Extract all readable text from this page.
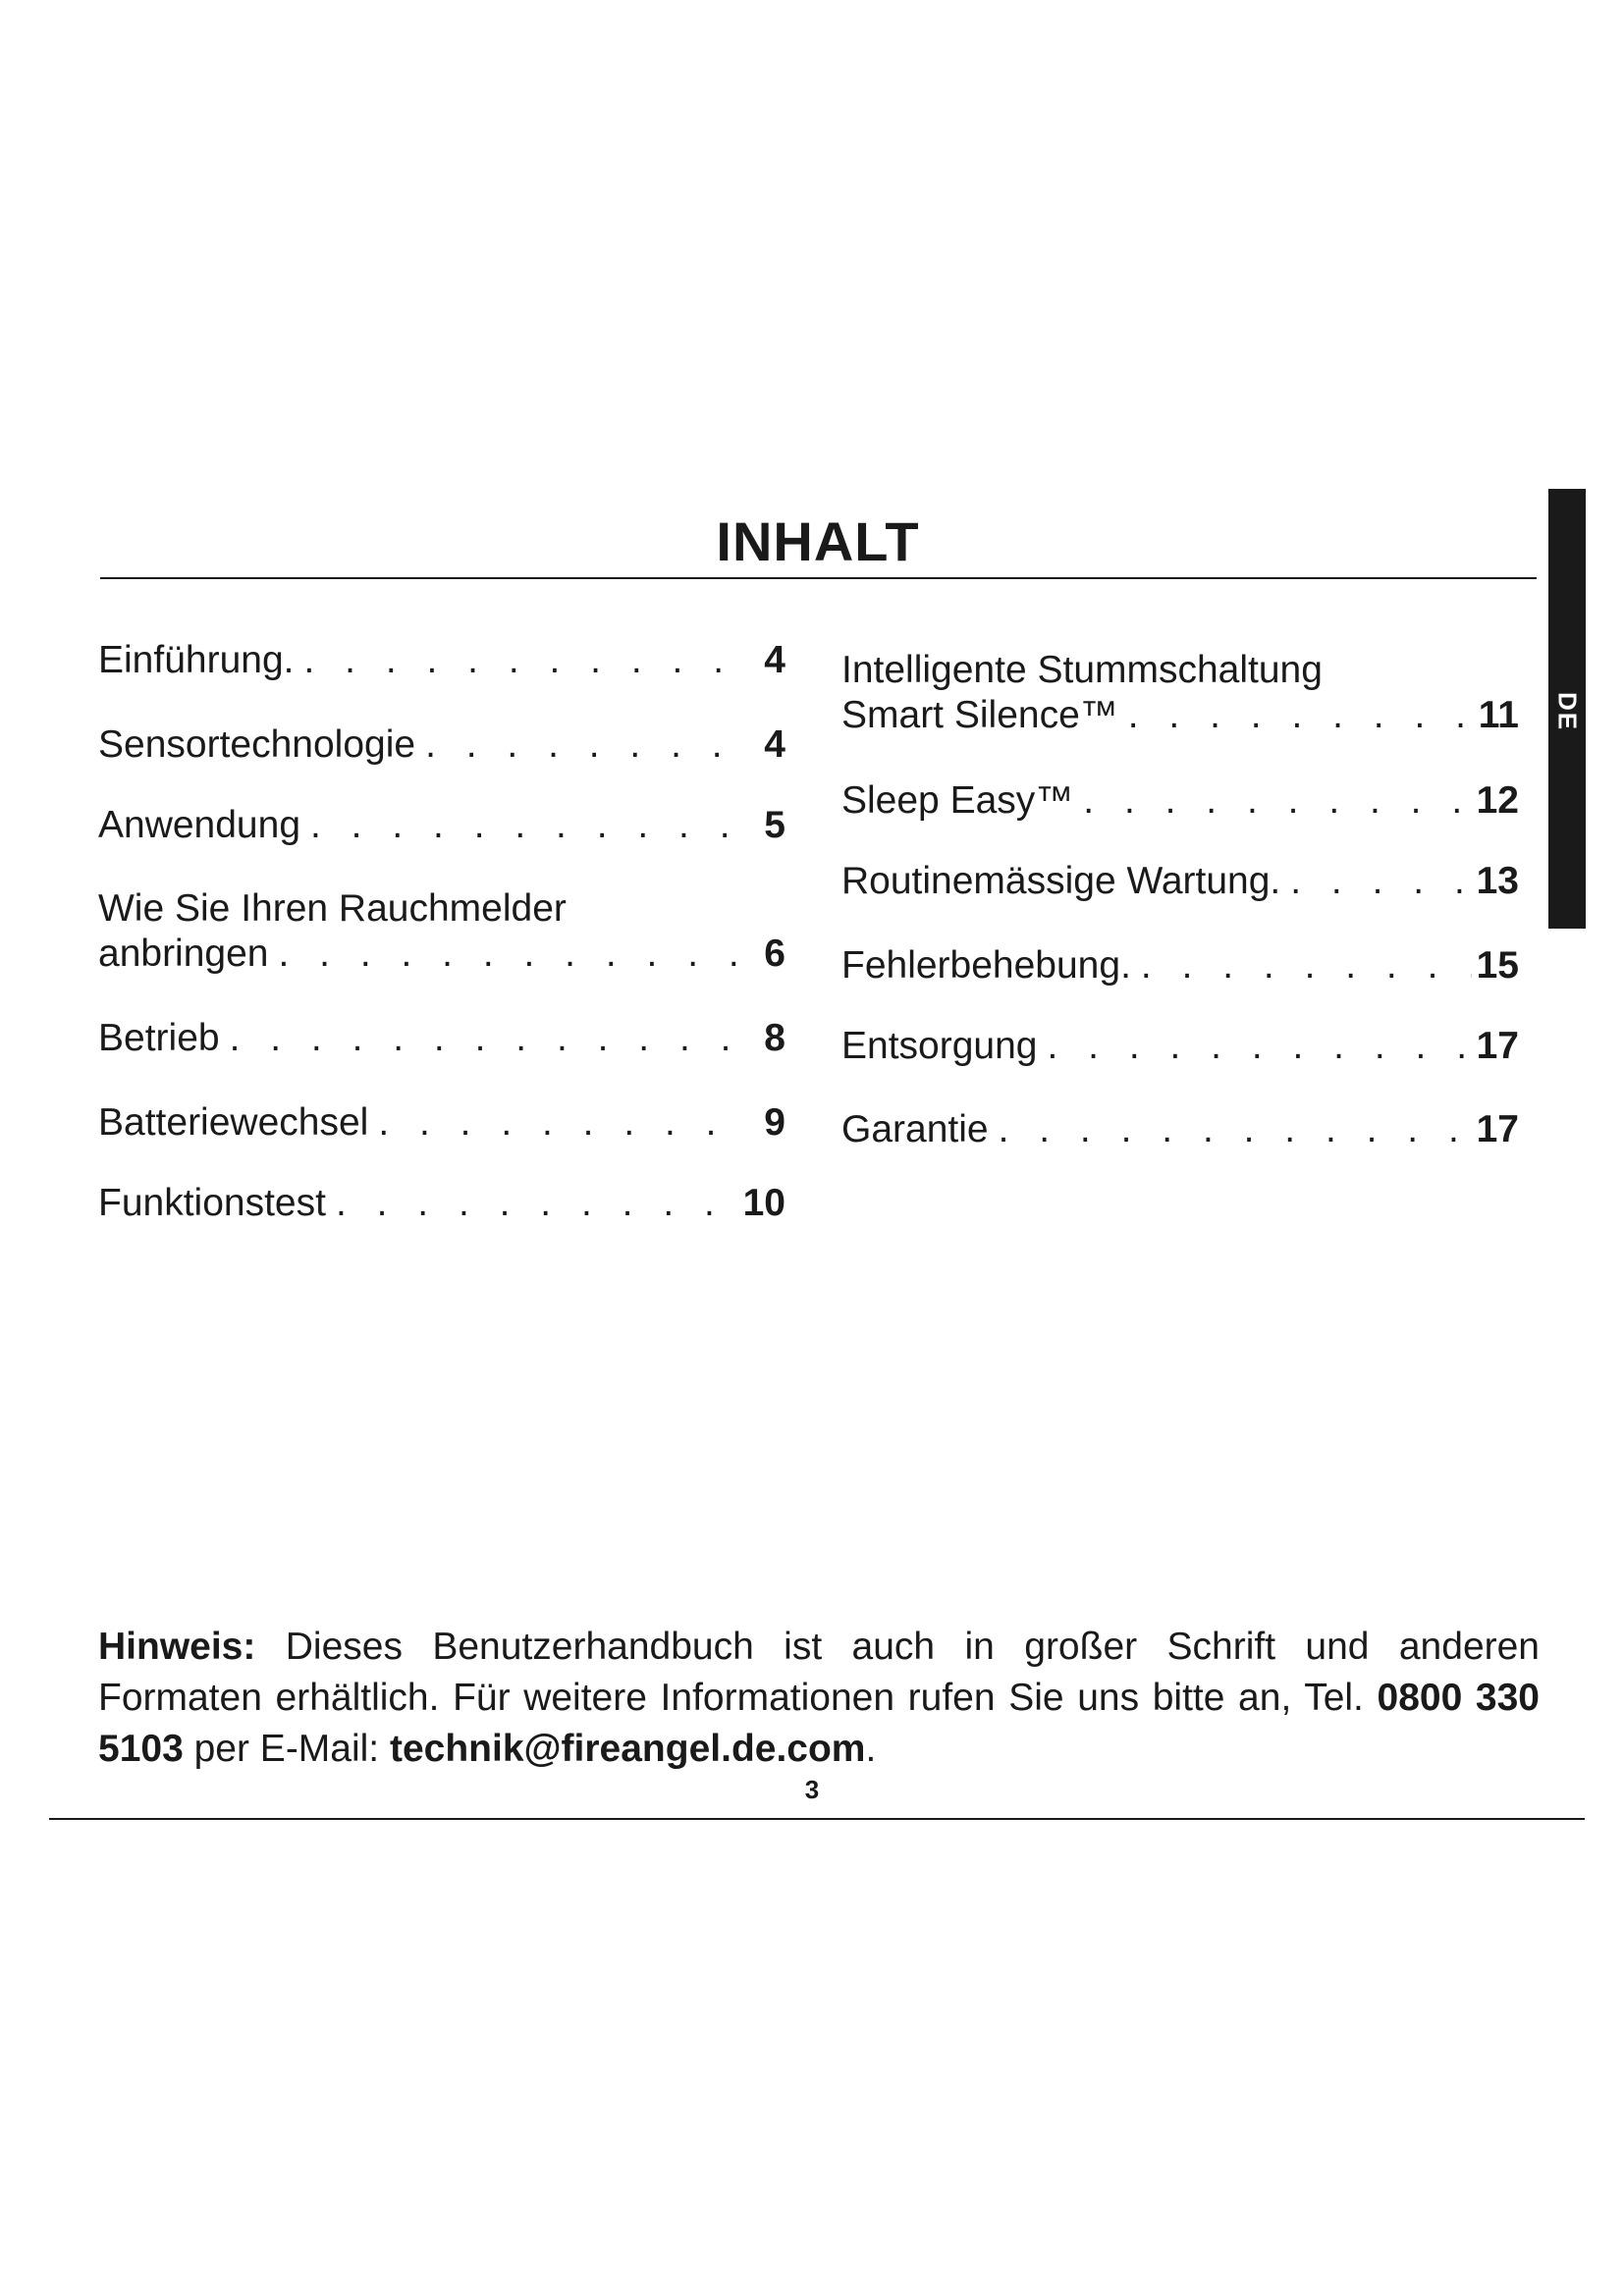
INHALT
DE
Einführung. . . .	4
Sensortechnologie . . .	4
Anwendung . . .	5
Wie Sie Ihren Rauchmelder
anbringen . . .	6
Betrieb . . .	8
Batteriewechsel . . .	9
Funktionstest . . .	10
Intelligente Stummschaltung
Smart Silence™ . . .	11
Sleep Easy™ . . .	12
Routinemässige Wartung. . . .	13
Fehlerbehebung. . . .	15
Entsorgung . . .	17
Garantie . . .	17

Hinweis: Dieses Benutzerhandbuch ist auch in großer Schrift und anderen Formaten erhältlich. Für weitere Informationen rufen Sie uns bitte an, Tel. 0800 330 5103 per E-Mail: technik@fireangel.de.com.

3
